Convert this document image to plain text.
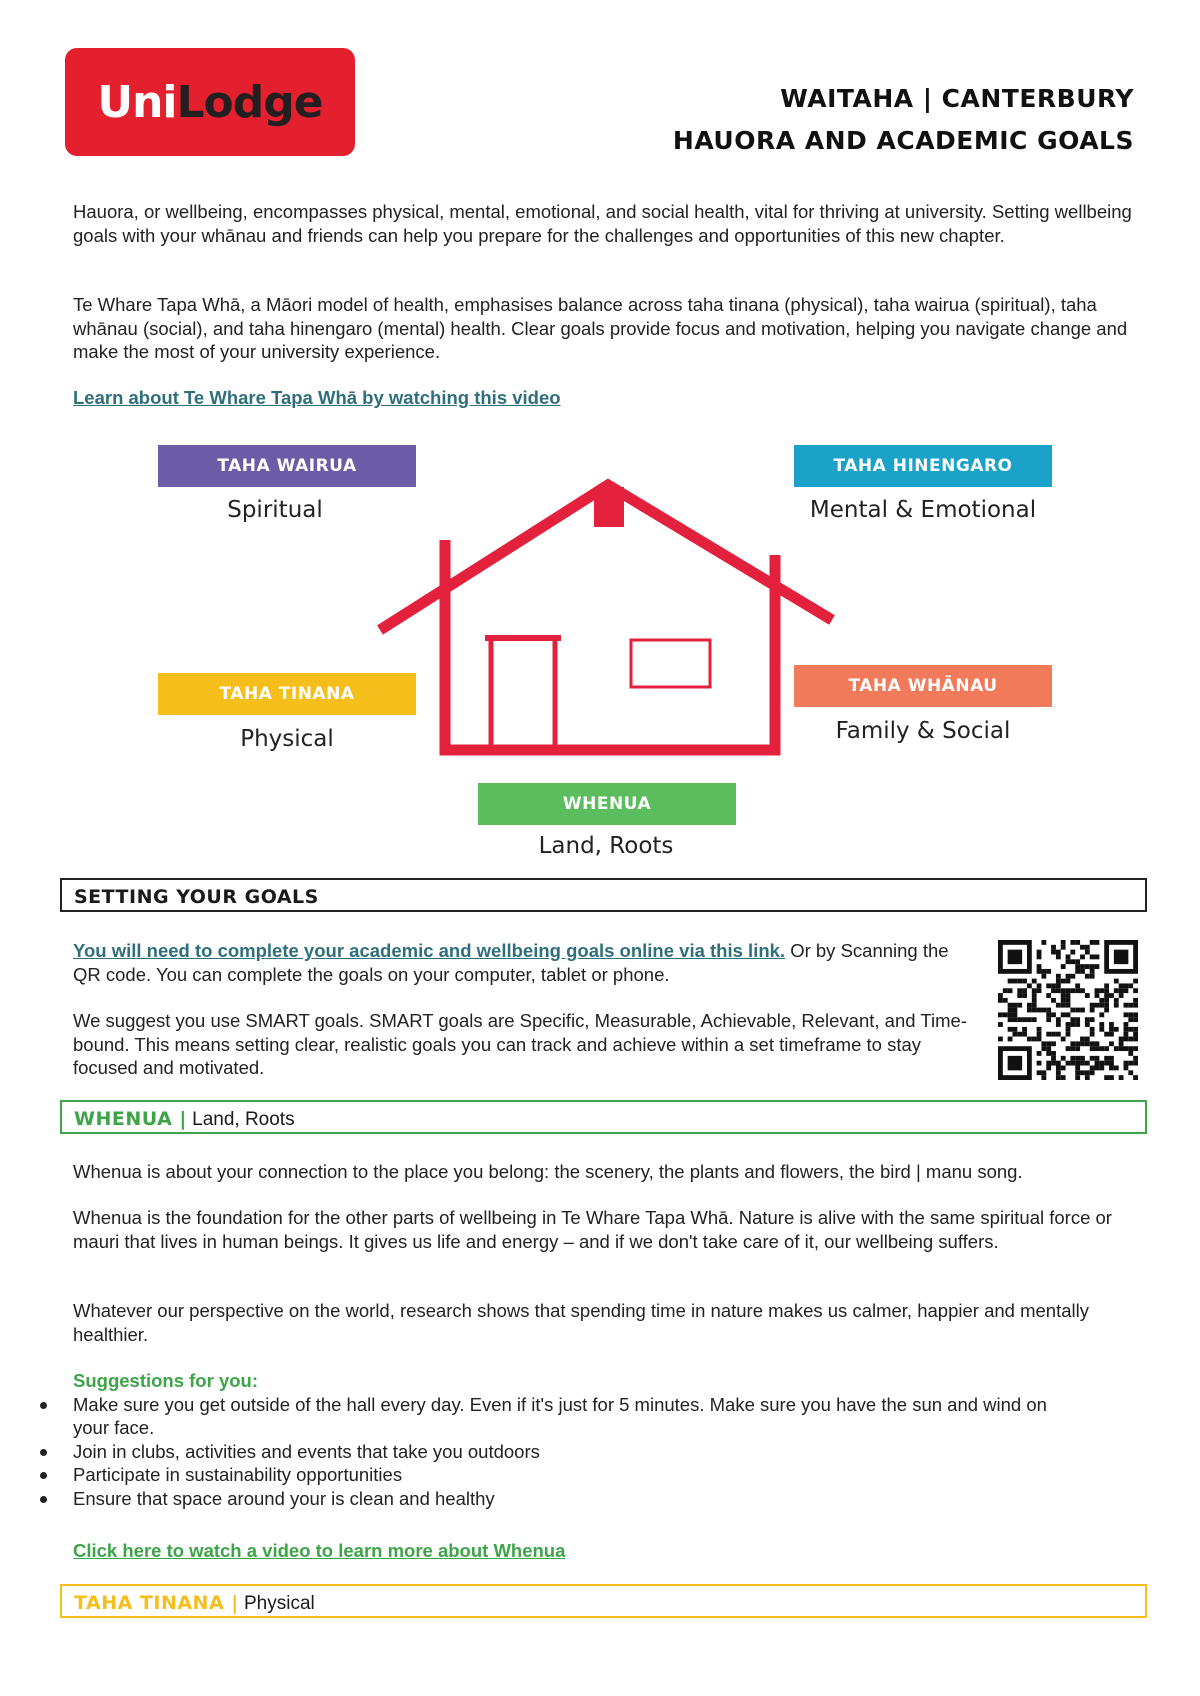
Uni Lodge	WAITAHA | CANTERBURY
HAUORA AND ACADEMIC GOALS
Hauora, or wellbeing, encompasses physical, mental, emotional, and social health, vital for thriving at university. Setting wellbeing goals with your whānau and friends can help you prepare for the challenges and opportunities of this new chapter.
Te Whare Tapa Whā, a Māori model of health, emphasises balance across taha tinana (physical), taha wairua (spiritual), taha whānau (social), and taha hinengaro (mental) health. Clear goals provide focus and motivation, helping you navigate change and make the most of your university experience.
Learn about Te Whare Tapa Whā by watching this video
TAHA WAIRUA
Spiritual
TAHA HINENGARO
Mental & Emotional
TAHA TINANA
Physical
TAHA WHĀNAU
Family & Social
WHENUA
Land, Roots
SETTING YOUR GOALS
You will need to complete your academic and wellbeing goals online via this link. Or by Scanning the QR code. You can complete the goals on your computer, tablet or phone.
We suggest you use SMART goals. SMART goals are Specific, Measurable, Achievable, Relevant, and Time-bound. This means setting clear, realistic goals you can track and achieve within a set timeframe to stay focused and motivated.
WHENUA | Land, Roots
Whenua is about your connection to the place you belong: the scenery, the plants and flowers, the bird | manu song.
Whenua is the foundation for the other parts of wellbeing in Te Whare Tapa Whā. Nature is alive with the same spiritual force or mauri that lives in human beings. It gives us life and energy – and if we don't take care of it, our wellbeing suffers.
Whatever our perspective on the world, research shows that spending time in nature makes us calmer, happier and mentally healthier.
Suggestions for you:
Make sure you get outside of the hall every day. Even if it's just for 5 minutes. Make sure you have the sun and wind on your face.
Join in clubs, activities and events that take you outdoors
Participate in sustainability opportunities
Ensure that space around your is clean and healthy
Click here to watch a video to learn more about Whenua
TAHA TINANA | Physical
